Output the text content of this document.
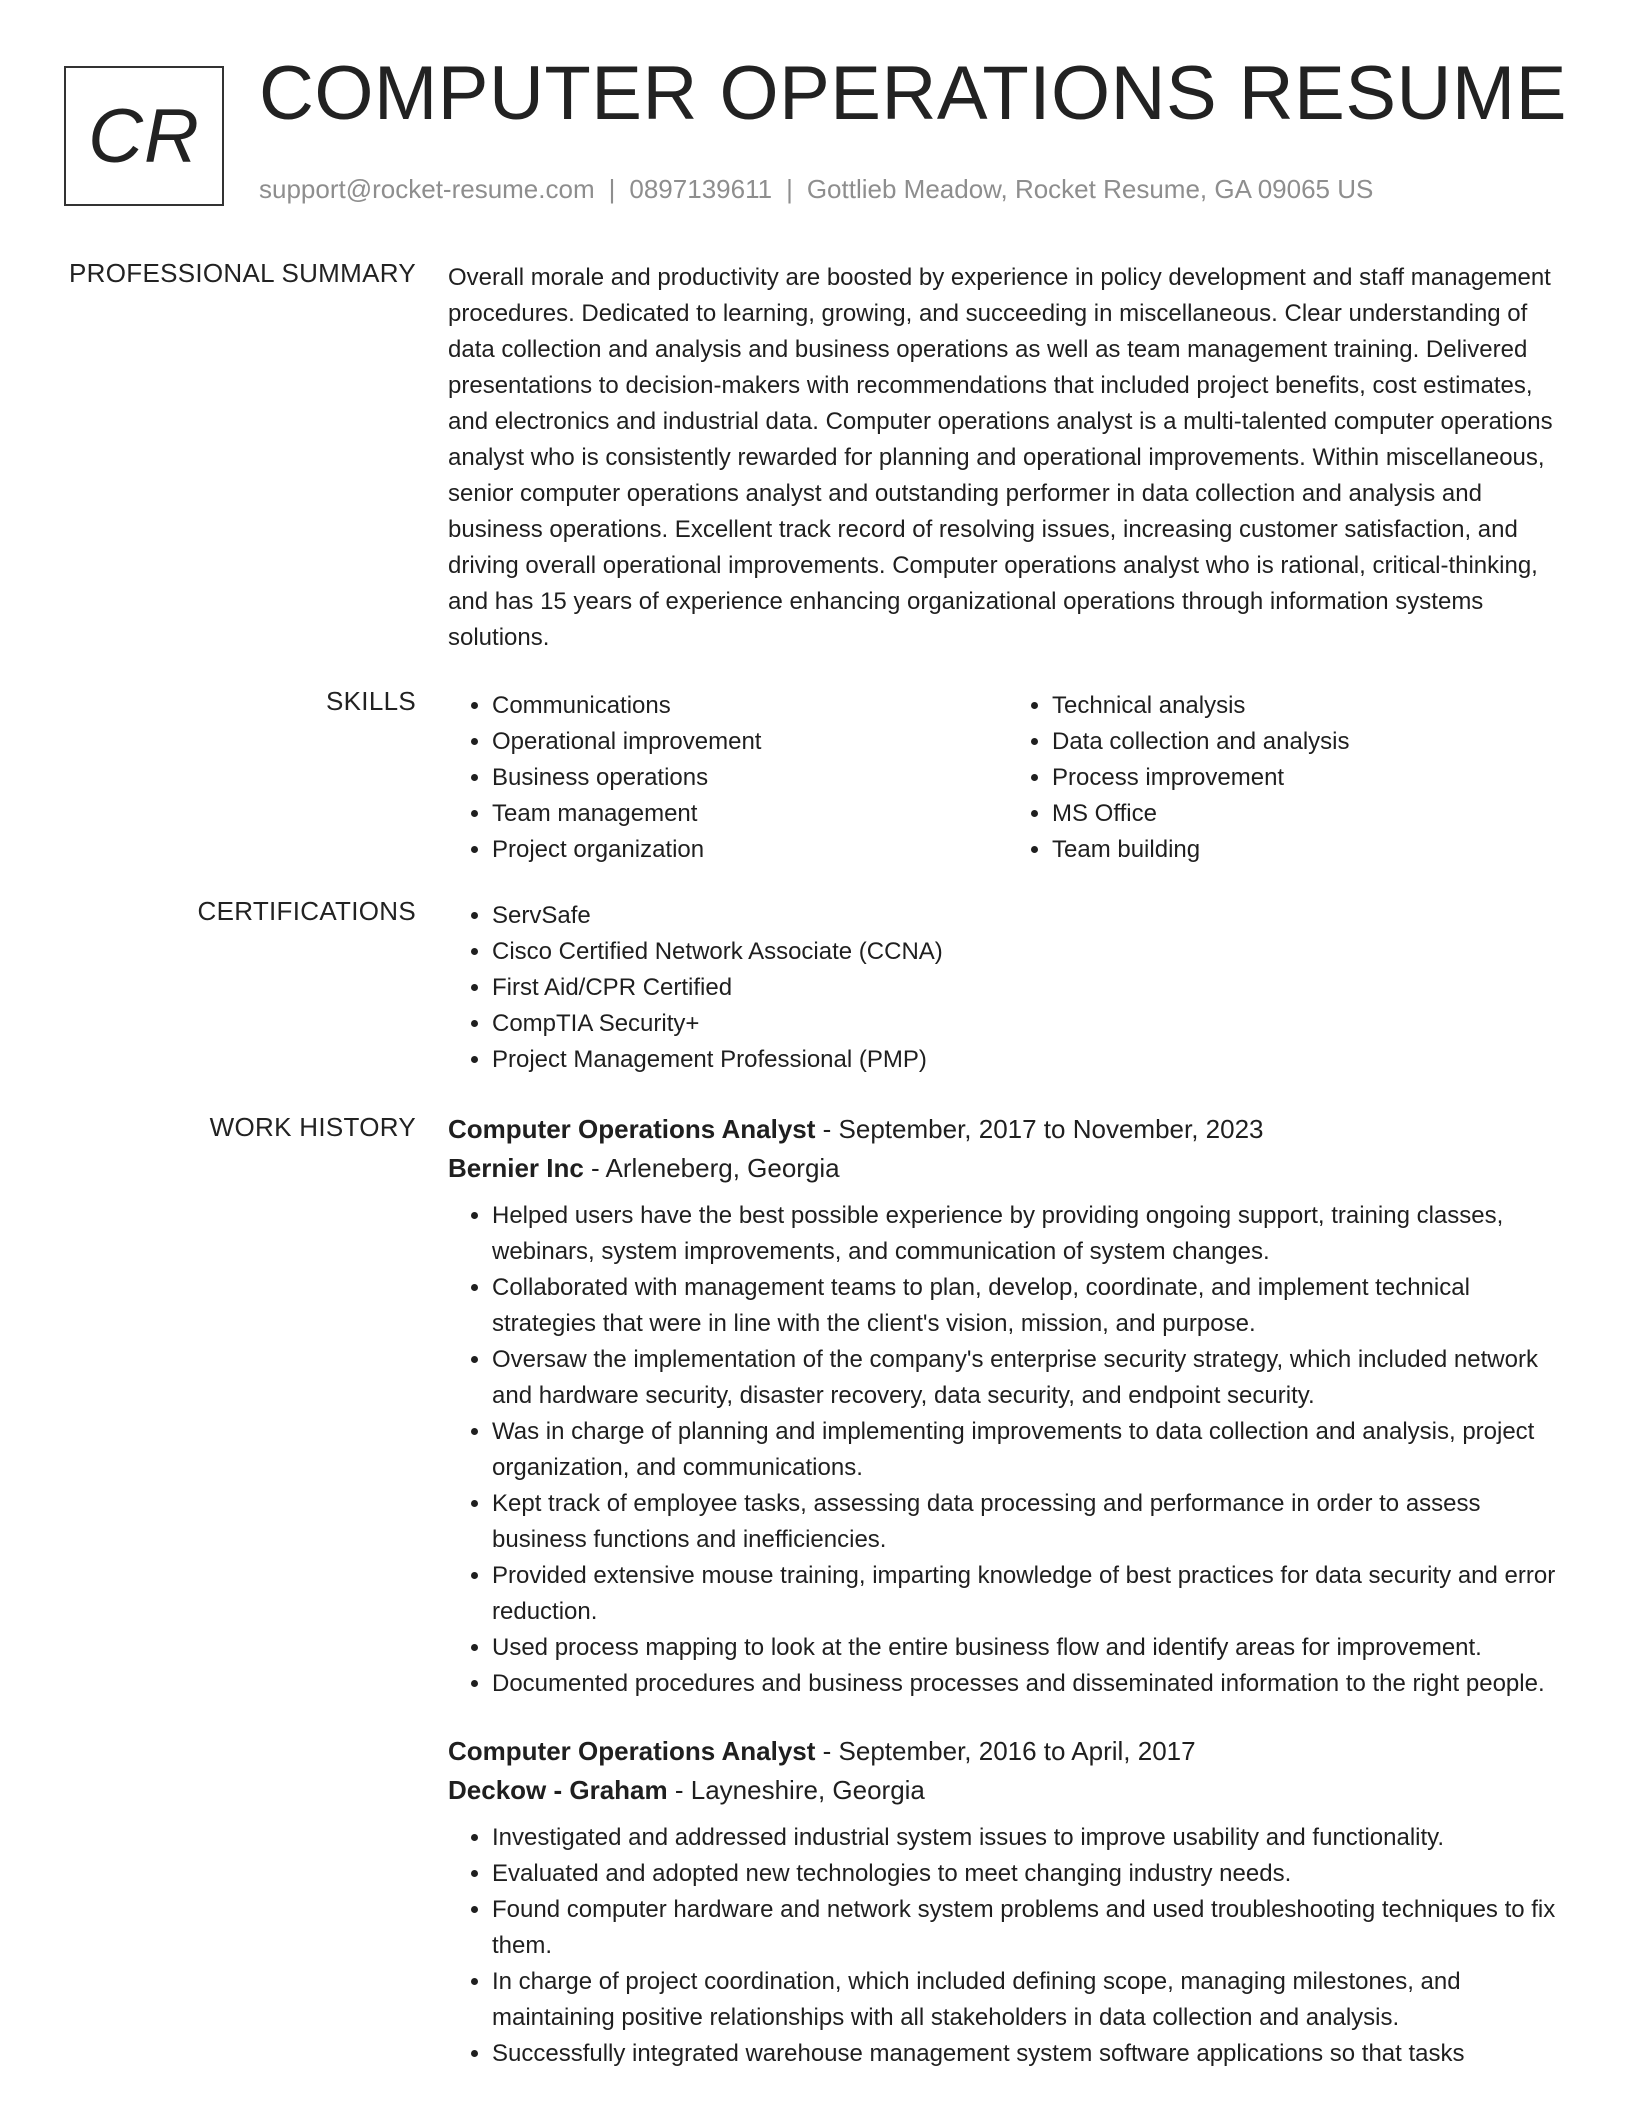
CR COMPUTER OPERATIONS RESUME
support@rocket-resume.com | 0897139611 | Gottlieb Meadow, Rocket Resume, GA 09065 US
PROFESSIONAL SUMMARY Overall morale and productivity are boosted by experience in policy development and staff management procedures. Dedicated to learning, growing, and succeeding in miscellaneous. Clear understanding of data collection and analysis and business operations as well as team management training. Delivered presentations to decision-makers with recommendations that included project benefits, cost estimates, and electronics and industrial data. Computer operations analyst is a multi-talented computer operations analyst who is consistently rewarded for planning and operational improvements. Within miscellaneous, senior computer operations analyst and outstanding performer in data collection and analysis and business operations. Excellent track record of resolving issues, increasing customer satisfaction, and driving overall operational improvements. Computer operations analyst who is rational, critical-thinking, and has 15 years of experience enhancing organizational operations through information systems solutions.

SKILLS	• Communications
• Operational improvement
• Business operations
• Team management
• Project organization
• Technical analysis
• Data collection and analysis
• Process improvement
• MS Office
• Team building
CERTIFICATIONS	• ServSafe
• Cisco Certified Network Associate (CCNA)
• First Aid/CPR Certified
• CompTIA Security+
• Project Management Professional (PMP)
WORK HISTORY Computer Operations Analyst - September, 2017 to November, 2023
Bernier Inc - Arleneberg, Georgia
• Helped users have the best possible experience by providing ongoing support, training classes, webinars, system improvements, and communication of system changes.
• Collaborated with management teams to plan, develop, coordinate, and implement technical strategies that were in line with the client's vision, mission, and purpose.
• Oversaw the implementation of the company's enterprise security strategy, which included network and hardware security, disaster recovery, data security, and endpoint security.
• Was in charge of planning and implementing improvements to data collection and analysis, project organization, and communications.
• Kept track of employee tasks, assessing data processing and performance in order to assess business functions and inefficiencies.
• Provided extensive mouse training, imparting knowledge of best practices for data security and error reduction.
• Used process mapping to look at the entire business flow and identify areas for improvement.
• Documented procedures and business processes and disseminated information to the right people.
Computer Operations Analyst - September, 2016 to April, 2017
Deckow - Graham - Layneshire, Georgia
• Investigated and addressed industrial system issues to improve usability and functionality.
• Evaluated and adopted new technologies to meet changing industry needs.
• Found computer hardware and network system problems and used troubleshooting techniques to fix them.
• In charge of project coordination, which included defining scope, managing milestones, and maintaining positive relationships with all stakeholders in data collection and analysis.
• Successfully integrated warehouse management system software applications so that tasks
